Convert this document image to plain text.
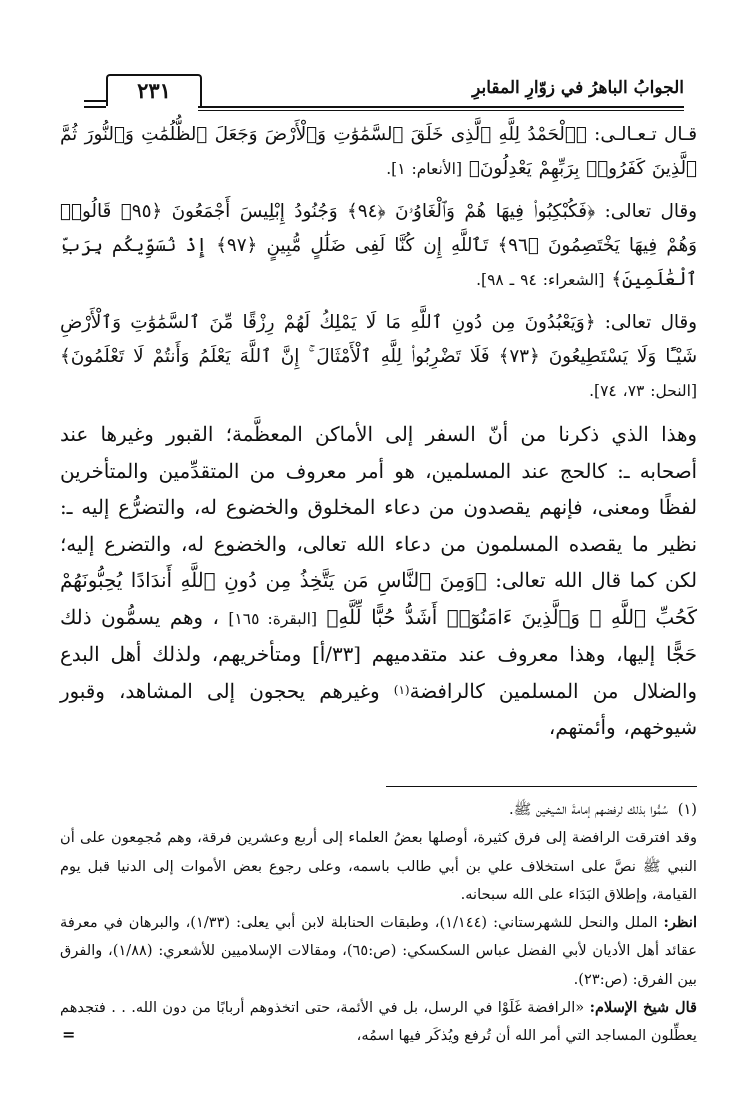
الجوابُ الباهرُ في زوّارِ المقابرِ
٢٣١

قـال تـعـالـى: ﴿ٱلْحَمْدُ لِلَّهِ ٱلَّذِى خَلَقَ ٱلسَّمَٰوَٰتِ وَٱلْأَرْضَ وَجَعَلَ ٱلظُّلُمَٰتِ وَٱلنُّورَ ثُمَّ ٱلَّذِينَ كَفَرُوا۟ بِرَبِّهِمْ يَعْدِلُونَ﴾ [الأنعام: ١].

وقال تعالى: ﴿فَكُبْكِبُوا۟ فِيهَا هُمْ وَٱلْغَاوُۥنَ ﴿٩٤﴾ وَجُنُودُ إِبْلِيسَ أَجْمَعُونَ ﴿٩٥﴾ قَالُوا۟ وَهُمْ فِيهَا يَخْتَصِمُونَ ﴿٩٦﴾ تَٱللَّهِ إِن كُنَّا لَفِى ضَلَٰلٍ مُّبِينٍ ﴿٩٧﴾ إِذْ نُسَوِّيكُم بِرَبِّ ٱلْعَٰلَمِينَ﴾ [الشعراء: ٩٤ ـ ٩٨].

وقال تعالى: ﴿وَيَعْبُدُونَ مِن دُونِ ٱللَّهِ مَا لَا يَمْلِكُ لَهُمْ رِزْقًا مِّنَ ٱلسَّمَٰوَٰتِ وَٱلْأَرْضِ شَيْـًٔا وَلَا يَسْتَطِيعُونَ ﴿٧٣﴾ فَلَا تَضْرِبُوا۟ لِلَّهِ ٱلْأَمْثَالَ ۚ إِنَّ ٱللَّهَ يَعْلَمُ وَأَنتُمْ لَا تَعْلَمُونَ﴾ [النحل: ٧٣، ٧٤].

وهذا الذي ذكرنا من أنّ السفر إلى الأماكن المعظَّمة؛ القبور وغيرها عند أصحابه ـ: كالحج عند المسلمين، هو أمر معروف من المتقدِّمين والمتأخرين لفظًا ومعنى، فإنهم يقصدون من دعاء المخلوق والخضوع له، والتضرُّع إليه ـ: نظير ما يقصده المسلمون من دعاء الله تعالى، والخضوع له، والتضرع إليه؛ لكن كما قال الله تعالى: ﴿وَمِنَ ٱلنَّاسِ مَن يَتَّخِذُ مِن دُونِ ٱللَّهِ أَندَادًا يُحِبُّونَهُمْ كَحُبِّ ٱللَّهِ ۖ وَٱلَّذِينَ ءَامَنُوٓا۟ أَشَدُّ حُبًّا لِّلَّهِ﴾ [البقرة: ١٦٥] ، وهم يسمُّون ذلك حَجًّا إليها، وهذا معروف عند متقدميهم [٣٣/أ] ومتأخريهم، ولذلك أهل البدع والضلال من المسلمين كالرافضة$^{(١)}$ وغيرهم يحجون إلى المشاهد، وقبور شيوخهم، وأئمتهم،

(١)سُمُّوا بذلك لرفضهم إمامةَ الشيخين ﷺ.

وقد افترقت الرافضة إلى فرق كثيرة، أوصلها بعضُ العلماء إلى أربع وعشرين فرقة، وهم مُجمِعون على أن النبي ﷺ نصَّ على استخلاف علي بن أبي طالب باسمه، وعلى رجوع بعض الأموات إلى الدنيا قبل يوم القيامة، وإطلاق البَدَاء على الله سبحانه.

انظر: الملل والنحل للشهرستاني: (١/١٤٤)، وطبقات الحنابلة لابن أبي يعلى: (١/٣٣)، والبرهان في معرفة عقائد أهل الأديان لأبي الفضل عباس السكسكي: (ص:٦٥)، ومقالات الإسلاميين للأشعري: (١/٨٨)، والفرق بين الفرق: (ص:٢٣).

قال شيخ الإسلام: «الرافضة غَلَوْا في الرسل، بل في الأئمة، حتى اتخذوهم أربابًا من دون الله. . . فتجدهم يعطِّلون المساجد التي أمر الله أن تُرفع ويُذكَر فيها اسمُه،

=
